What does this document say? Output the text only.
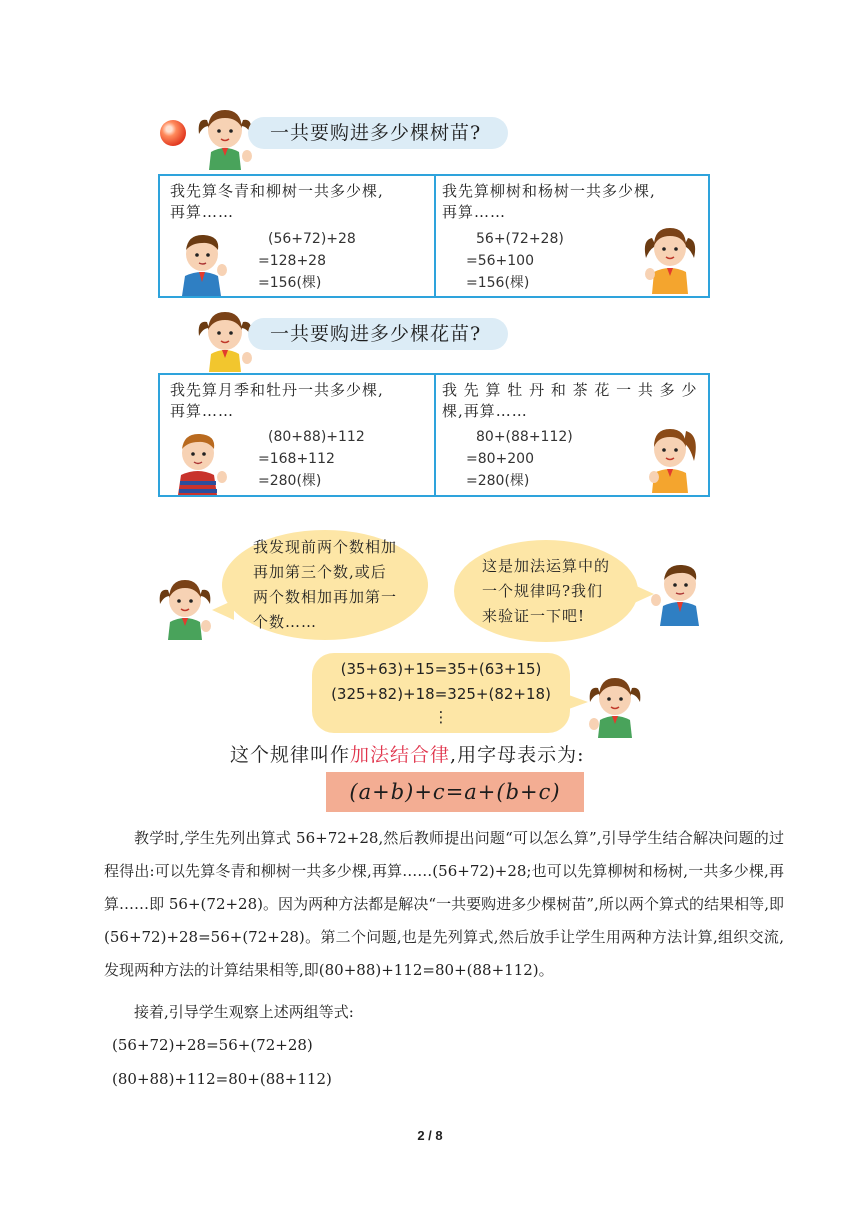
一共要购进多少棵树苗?
我先算冬青和柳树一共多少棵,
再算……
(56+72)+28
=128+28
=156(棵)
我先算柳树和杨树一共多少棵,
再算……
56+(72+28)
=56+100
=156(棵)
一共要购进多少棵花苗?
我先算月季和牡丹一共多少棵,
再算……
(80+88)+112
=168+112
=280(棵)
我 先 算 牡 丹 和 茶 花 一 共 多 少
棵,再算……
80+(88+112)
=80+200
=280(棵)
我发现前两个数相加
再加第三个数,或后
两个数相加再加第一
个数……
这是加法运算中的
一个规律吗?我们
来验证一下吧!
(35+63)+15=35+(63+15)
(325+82)+18=325+(82+18)
⋮
这个规律叫作加法结合律,用字母表示为:
(a+b)+c=a+(b+c)
教学时,学生先列出算式 56+72+28,然后教师提出问题“可以怎么算”,引导学生结合解决问题的过程得出:可以先算冬青和柳树一共多少棵,再算……(56+72)+28;也可以先算柳树和杨树,一共多少棵,再算……即 56+(72+28)。因为两种方法都是解决“一共要购进多少棵树苗”,所以两个算式的结果相等,即(56+72)+28=56+(72+28)。第二个问题,也是先列算式,然后放手让学生用两种方法计算,组织交流,发现两种方法的计算结果相等,即(80+88)+112=80+(88+112)。
接着,引导学生观察上述两组等式:
(56+72)+28=56+(72+28)
(80+88)+112=80+(88+112)
2 / 8
